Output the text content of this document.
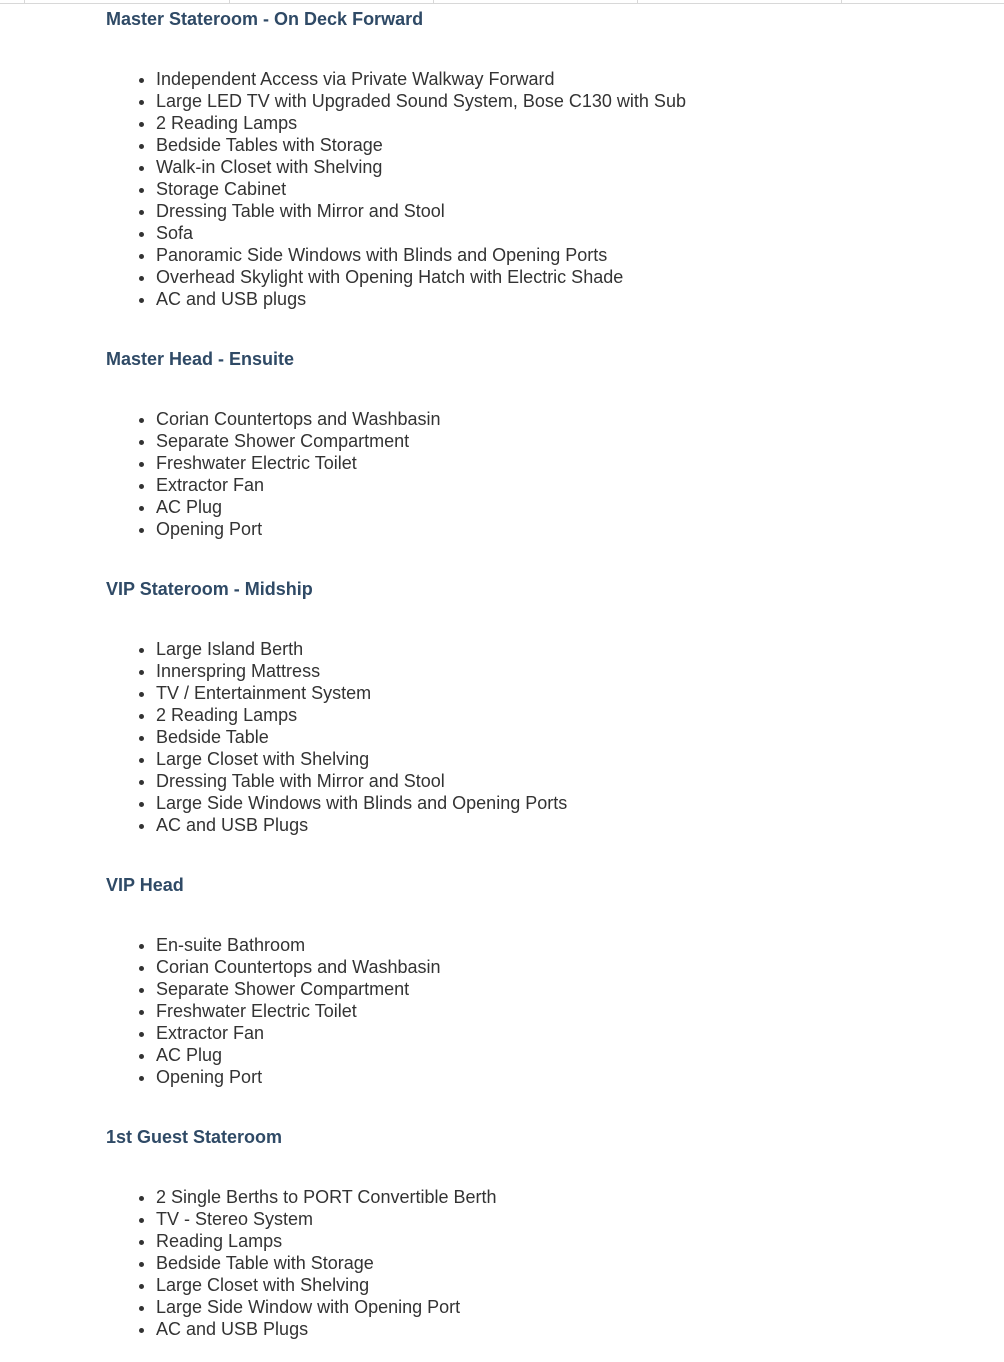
Master Stateroom - On Deck Forward
• Independent Access via Private Walkway Forward
• Large LED TV with Upgraded Sound System, Bose C130 with Sub
• 2 Reading Lamps
• Bedside Tables with Storage
• Walk-in Closet with Shelving
• Storage Cabinet
• Dressing Table with Mirror and Stool
• Sofa
• Panoramic Side Windows with Blinds and Opening Ports
• Overhead Skylight with Opening Hatch with Electric Shade
• AC and USB plugs
Master Head - Ensuite
• Corian Countertops and Washbasin
• Separate Shower Compartment
• Freshwater Electric Toilet
• Extractor Fan
• AC Plug
• Opening Port
VIP Stateroom - Midship
• Large Island Berth
• Innerspring Mattress
• TV / Entertainment System
• 2 Reading Lamps
• Bedside Table
• Large Closet with Shelving
• Dressing Table with Mirror and Stool
• Large Side Windows with Blinds and Opening Ports
• AC and USB Plugs
VIP Head
• En-suite Bathroom
• Corian Countertops and Washbasin
• Separate Shower Compartment
• Freshwater Electric Toilet
• Extractor Fan
• AC Plug
• Opening Port
1st Guest Stateroom
• 2 Single Berths to PORT Convertible Berth
• TV - Stereo System
• Reading Lamps
• Bedside Table with Storage
• Large Closet with Shelving
• Large Side Window with Opening Port
• AC and USB Plugs
